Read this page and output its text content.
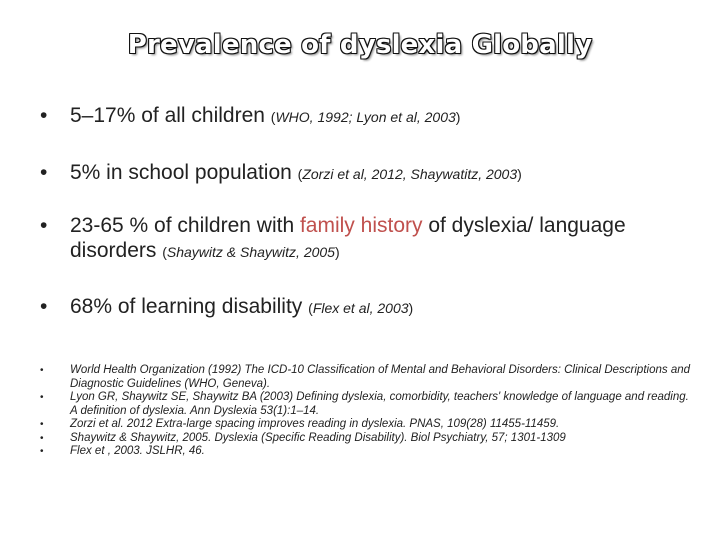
Prevalence of dyslexia Globally
•	5–17% of all children (WHO, 1992; Lyon et al, 2003)
•	5% in school population (Zorzi et al, 2012, Shaywatitz, 2003)
•	23-65 % of children with family history of dyslexia/ language disorders (Shaywitz & Shaywitz, 2005)
•	68% of learning disability (Flex et al, 2003)
• World Health Organization (1992) The ICD-10 Classification of Mental and Behavioral Disorders: Clinical Descriptions and Diagnostic Guidelines (WHO, Geneva).
• Lyon GR, Shaywitz SE, Shaywitz BA (2003) Defining dyslexia, comorbidity, teachers' knowledge of language and reading. A definition of dyslexia. Ann Dyslexia 53(1):1–14.
• Zorzi et al. 2012 Extra-large spacing improves reading in dyslexia. PNAS, 109(28) 11455-11459.
• Shaywitz & Shaywitz, 2005. Dyslexia (Specific Reading Disability). Biol Psychiatry, 57; 1301-1309
• Flex et , 2003. JSLHR, 46.
